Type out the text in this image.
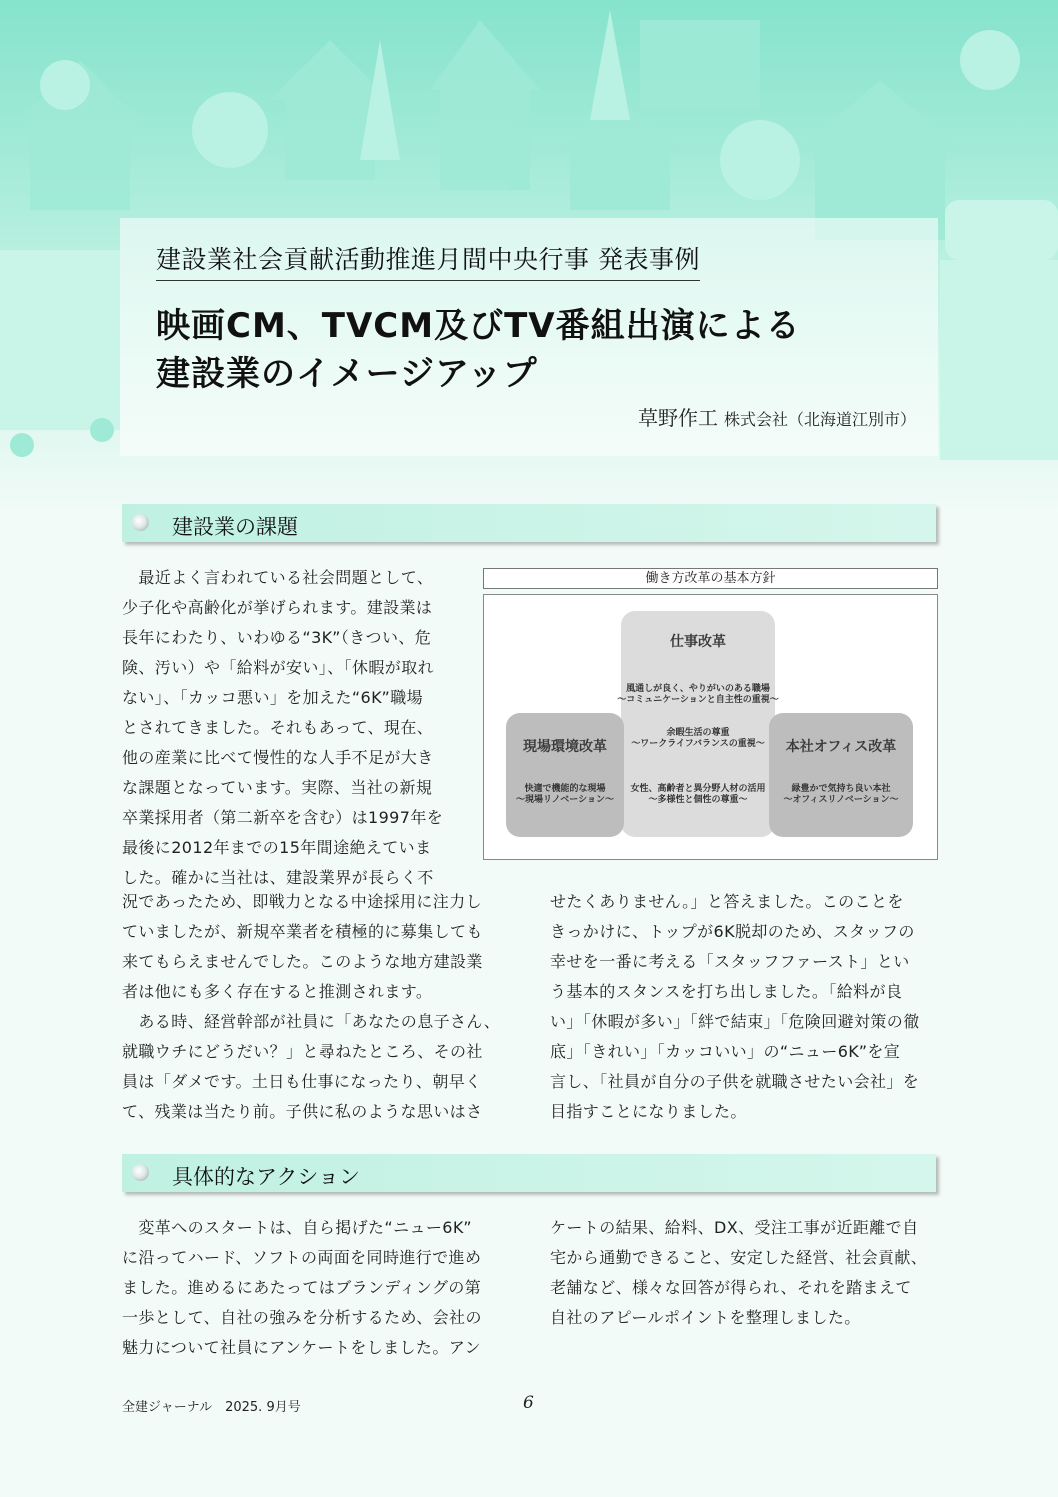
建設業社会貢献活動推進月間中央行事 発表事例
映画CM、TVCM及びTV番組出演による
建設業のイメージアップ
草野作工 株式会社（北海道江別市）
建設業の課題
　最近よく言われている社会問題として、
少子化や高齢化が挙げられます。建設業は
長年にわたり、いわゆる“3K”（きつい、危
険、汚い）や「給料が安い」、「休暇が取れ
ない」、「カッコ悪い」を加えた“6K”職場
とされてきました。それもあって、現在、
他の産業に比べて慢性的な人手不足が大き
な課題となっています。実際、当社の新規
卒業採用者（第二新卒を含む）は1997年を
最後に2012年までの15年間途絶えていま
した。確かに当社は、建設業界が長らく不
働き方改革の基本方針
仕事改革
風通しが良く、やりがいのある職場
～コミュニケーションと自主性の重視～
余暇生活の尊重
～ワークライフバランスの重視～
女性、高齢者と異分野人材の活用
～多様性と個性の尊重～
現場環境改革
快適で機能的な現場
～現場リノベーション～
本社オフィス改革
緑豊かで気持ち良い本社
～オフィスリノベーション～
況であったため、即戦力となる中途採用に注力し
ていましたが、新規卒業者を積極的に募集しても
来てもらえませんでした。このような地方建設業
者は他にも多く存在すると推測されます。
　ある時、経営幹部が社員に「あなたの息子さん、
就職ウチにどうだい？」と尋ねたところ、その社
員は「ダメです。土日も仕事になったり、朝早く
て、残業は当たり前。子供に私のような思いはさ
せたくありません。」と答えました。このことを
きっかけに、トップが6K脱却のため、スタッフの
幸せを一番に考える「スタッフファースト」とい
う基本的スタンスを打ち出しました。「給料が良
い」「休暇が多い」「絆で結束」「危険回避対策の徹
底」「きれい」「カッコいい」の“ニュー6K”を宣
言し、「社員が自分の子供を就職させたい会社」を
目指すことになりました。
具体的なアクション
　変革へのスタートは、自ら掲げた“ニュー6K”
に沿ってハード、ソフトの両面を同時進行で進め
ました。進めるにあたってはブランディングの第
一歩として、自社の強みを分析するため、会社の
魅力について社員にアンケートをしました。アン
ケートの結果、給料、DX、受注工事が近距離で自
宅から通勤できること、安定した経営、社会貢献、
老舗など、様々な回答が得られ、それを踏まえて
自社のアピールポイントを整理しました。
全建ジャーナル　2025. 9月号	6
